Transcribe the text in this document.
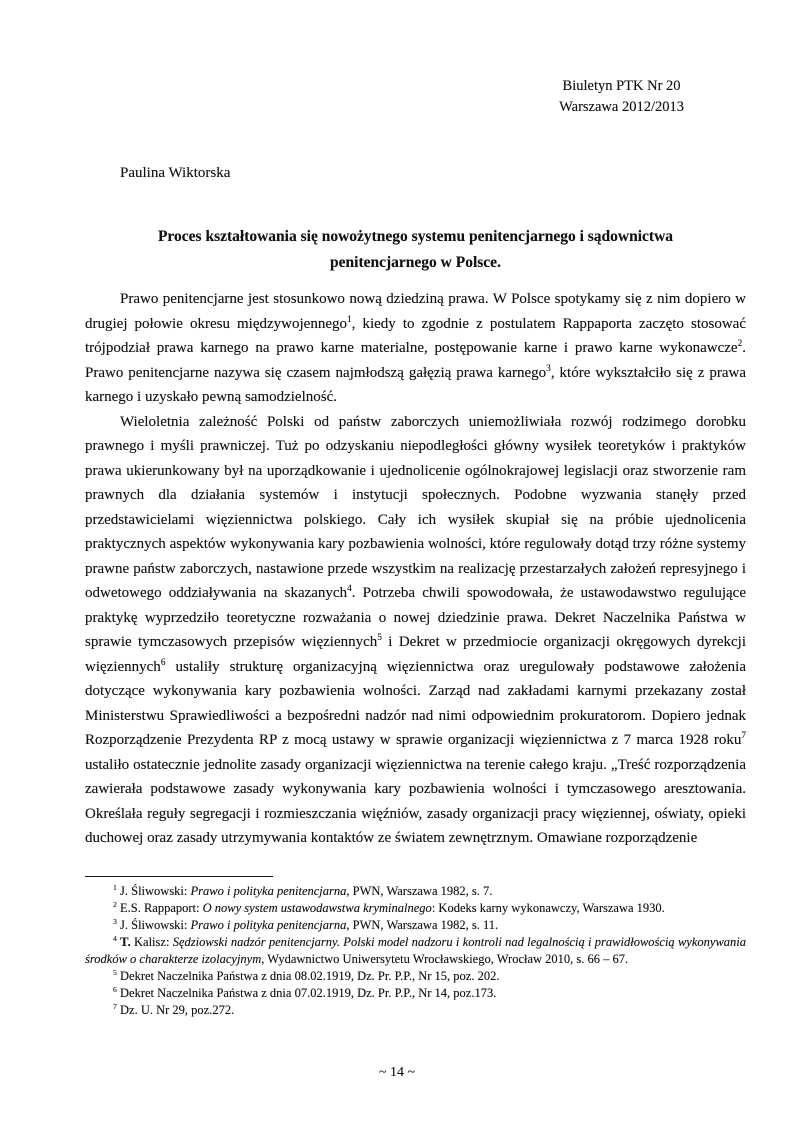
Biuletyn PTK Nr 20
Warszawa 2012/2013
Paulina Wiktorska
Proces kształtowania się nowożytnego systemu penitencjarnego i sądownictwa penitencjarnego w Polsce.

Prawo penitencjarne jest stosunkowo nową dziedziną prawa. W Polsce spotykamy się z nim dopiero w drugiej połowie okresu międzywojennego$^1$, kiedy to zgodnie z postulatem Rappaporta zaczęto stosować trójpodział prawa karnego na prawo karne materialne, postępowanie karne i prawo karne wykonawcze$^2$. Prawo penitencjarne nazywa się czasem najmłodszą gałęzią prawa karnego$^3$, które wykształciło się z prawa karnego i uzyskało pewną samodzielność.

Wieloletnia zależność Polski od państw zaborczych uniemożliwiała rozwój rodzimego dorobku prawnego i myśli prawniczej. Tuż po odzyskaniu niepodległości główny wysiłek teoretyków i praktyków prawa ukierunkowany był na uporządkowanie i ujednolicenie ogólnokrajowej legislacji oraz stworzenie ram prawnych dla działania systemów i instytucji społecznych. Podobne wyzwania stanęły przed przedstawicielami więziennictwa polskiego. Cały ich wysiłek skupiał się na próbie ujednolicenia praktycznych aspektów wykonywania kary pozbawienia wolności, które regulowały dotąd trzy różne systemy prawne państw zaborczych, nastawione przede wszystkim na realizację przestarzałych założeń represyjnego i odwetowego oddziaływania na skazanych$^4$. Potrzeba chwili spowodowała, że ustawodawstwo regulujące praktykę wyprzedziło teoretyczne rozważania o nowej dziedzinie prawa. Dekret Naczelnika Państwa w sprawie tymczasowych przepisów więziennych$^5$ i Dekret w przedmiocie organizacji okręgowych dyrekcji więziennych$^6$ ustaliły strukturę organizacyjną więziennictwa oraz uregulowały podstawowe założenia dotyczące wykonywania kary pozbawienia wolności. Zarząd nad zakładami karnymi przekazany został Ministerstwu Sprawiedliwości a bezpośredni nadzór nad nimi odpowiednim prokuratorom. Dopiero jednak Rozporządzenie Prezydenta RP z mocą ustawy w sprawie organizacji więziennictwa z 7 marca 1928 roku$^7$ ustaliło ostatecznie jednolite zasady organizacji więziennictwa na terenie całego kraju. „Treść rozporządzenia zawierała podstawowe zasady wykonywania kary pozbawienia wolności i tymczasowego aresztowania. Określała reguły segregacji i rozmieszczania więźniów, zasady organizacji pracy więziennej, oświaty, opieki duchowej oraz zasady utrzymywania kontaktów ze światem zewnętrznym. Omawiane rozporządzenie

$^1$ J. Śliwowski: Prawo i polityka penitencjarna, PWN, Warszawa 1982, s. 7.

$^2$ E.S. Rappaport: O nowy system ustawodawstwa kryminalnego: Kodeks karny wykonawczy, Warszawa 1930.

$^3$ J. Śliwowski: Prawo i polityka penitencjarna, PWN, Warszawa 1982, s. 11.

$^4$ T. Kalisz: Sędziowski nadzór penitencjarny. Polski model nadzoru i kontroli nad legalnością i prawidłowością wykonywania środków o charakterze izolacyjnym, Wydawnictwo Uniwersytetu Wrocławskiego, Wrocław 2010, s. 66 – 67.

$^5$ Dekret Naczelnika Państwa z dnia 08.02.1919, Dz. Pr. P.P., Nr 15, poz. 202.

$^6$ Dekret Naczelnika Państwa z dnia 07.02.1919, Dz. Pr. P.P., Nr 14, poz.173.

$^7$ Dz. U. Nr 29, poz.272.

~ 14 ~
